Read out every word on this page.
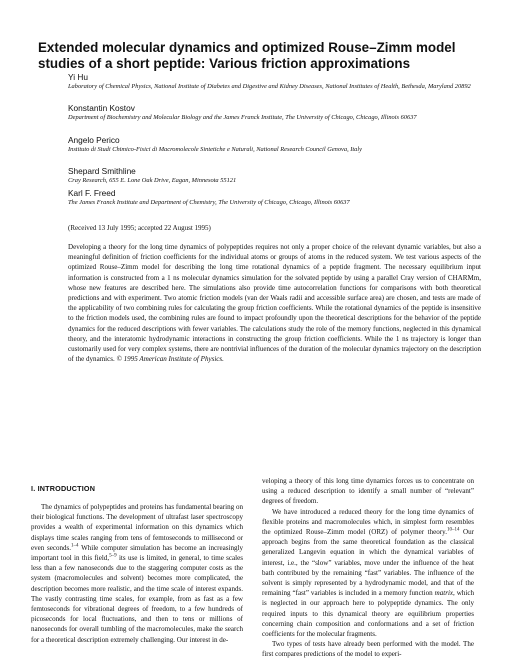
Extended molecular dynamics and optimized Rouse–Zimm model studies of a short peptide: Various friction approximations
Yi Hu
Laboratory of Chemical Physics, National Institute of Diabetes and Digestive and Kidney Diseases, National Institutes of Health, Bethesda, Maryland 20892
Konstantin Kostov
Department of Biochemistry and Molecular Biology and the James Franck Institute, The University of Chicago, Chicago, Illinois 60637
Angelo Perico
Instituto di Studi Chimico-Fisici di Macromolecole Sintetiche e Naturali, National Research Council Genova, Italy
Shepard Smithline
Cray Research, 655 E. Lone Oak Drive, Eagan, Minnesota 55121
Karl F. Freed
The James Franck Institute and Department of Chemistry, The University of Chicago, Chicago, Illinois 60637
(Received 13 July 1995; accepted 22 August 1995)

Developing a theory for the long time dynamics of polypeptides requires not only a proper choice of the relevant dynamic variables, but also a meaningful definition of friction coefficients for the individual atoms or groups of atoms in the reduced system. We test various aspects of the optimized Rouse–Zimm model for describing the long time rotational dynamics of a peptide fragment. The necessary equilibrium input information is constructed from a 1 ns molecular dynamics simulation for the solvated peptide by using a parallel Cray version of CHARMm, whose new features are described here. The simulations also provide time autocorrelation functions for comparisons with both theoretical predictions and with experiment. Two atomic friction models (van der Waals radii and accessible surface area) are chosen, and tests are made of the applicability of two combining rules for calculating the group friction coefficients. While the rotational dynamics of the peptide is insensitive to the friction models used, the combining rules are found to impact profoundly upon the theoretical descriptions for the behavior of the peptide dynamics for the reduced descriptions with fewer variables. The calculations study the role of the memory functions, neglected in this dynamical theory, and the interatomic hydrodynamic interactions in constructing the group friction coefficients. While the 1 ns trajectory is longer than customarily used for very complex systems, there are nontrivial influences of the duration of the molecular dynamics trajectory on the description of the dynamics. © 1995 American Institute of Physics.

I. INTRODUCTION

The dynamics of polypeptides and proteins has fundamental bearing on their biological functions. The development of ultrafast laser spectroscopy provides a wealth of experimental information on this dynamics which displays time scales ranging from tens of femtoseconds to millisecond or even seconds.$^{1-4}$ While computer simulation has become an increasingly important tool in this field,$^{5-9}$ its use is limited, in general, to time scales less than a few nanoseconds due to the staggering computer costs as the system (macromolecules and solvent) becomes more complicated, the description becomes more realistic, and the time scale of interest expands. The vastly contrasting time scales, for example, from as fast as a few femtoseconds for vibrational degrees of freedom, to a few hundreds of picoseconds for local fluctuations, and then to tens or millions of nanoseconds for overall tumbling of the macromolecules, make the search for a theoretical description extremely challenging. Our interest in de-

veloping a theory of this long time dynamics forces us to concentrate on using a reduced description to identify a small number of “relevant” degrees of freedom.

We have introduced a reduced theory for the long time dynamics of flexible proteins and macromolecules which, in simplest form resembles the optimized Rouse–Zimm model (ORZ) of polymer theory.$^{10-14}$ Our approach begins from the same theoretical foundation as the classical generalized Langevin equation in which the dynamical variables of interest, i.e., the “slow” variables, move under the influence of the heat bath contributed by the remaining “fast” variables. The influence of the solvent is simply represented by a hydrodynamic model, and that of the remaining “fast” variables is included in a memory function matrix, which is neglected in our approach here to polypeptide dynamics. The only required inputs to this dynamical theory are equilibrium properties concerning chain composition and conformations and a set of friction coefficients for the molecular fragments.

Two types of tests have already been performed with the model. The first compares predictions of the model to experi-
